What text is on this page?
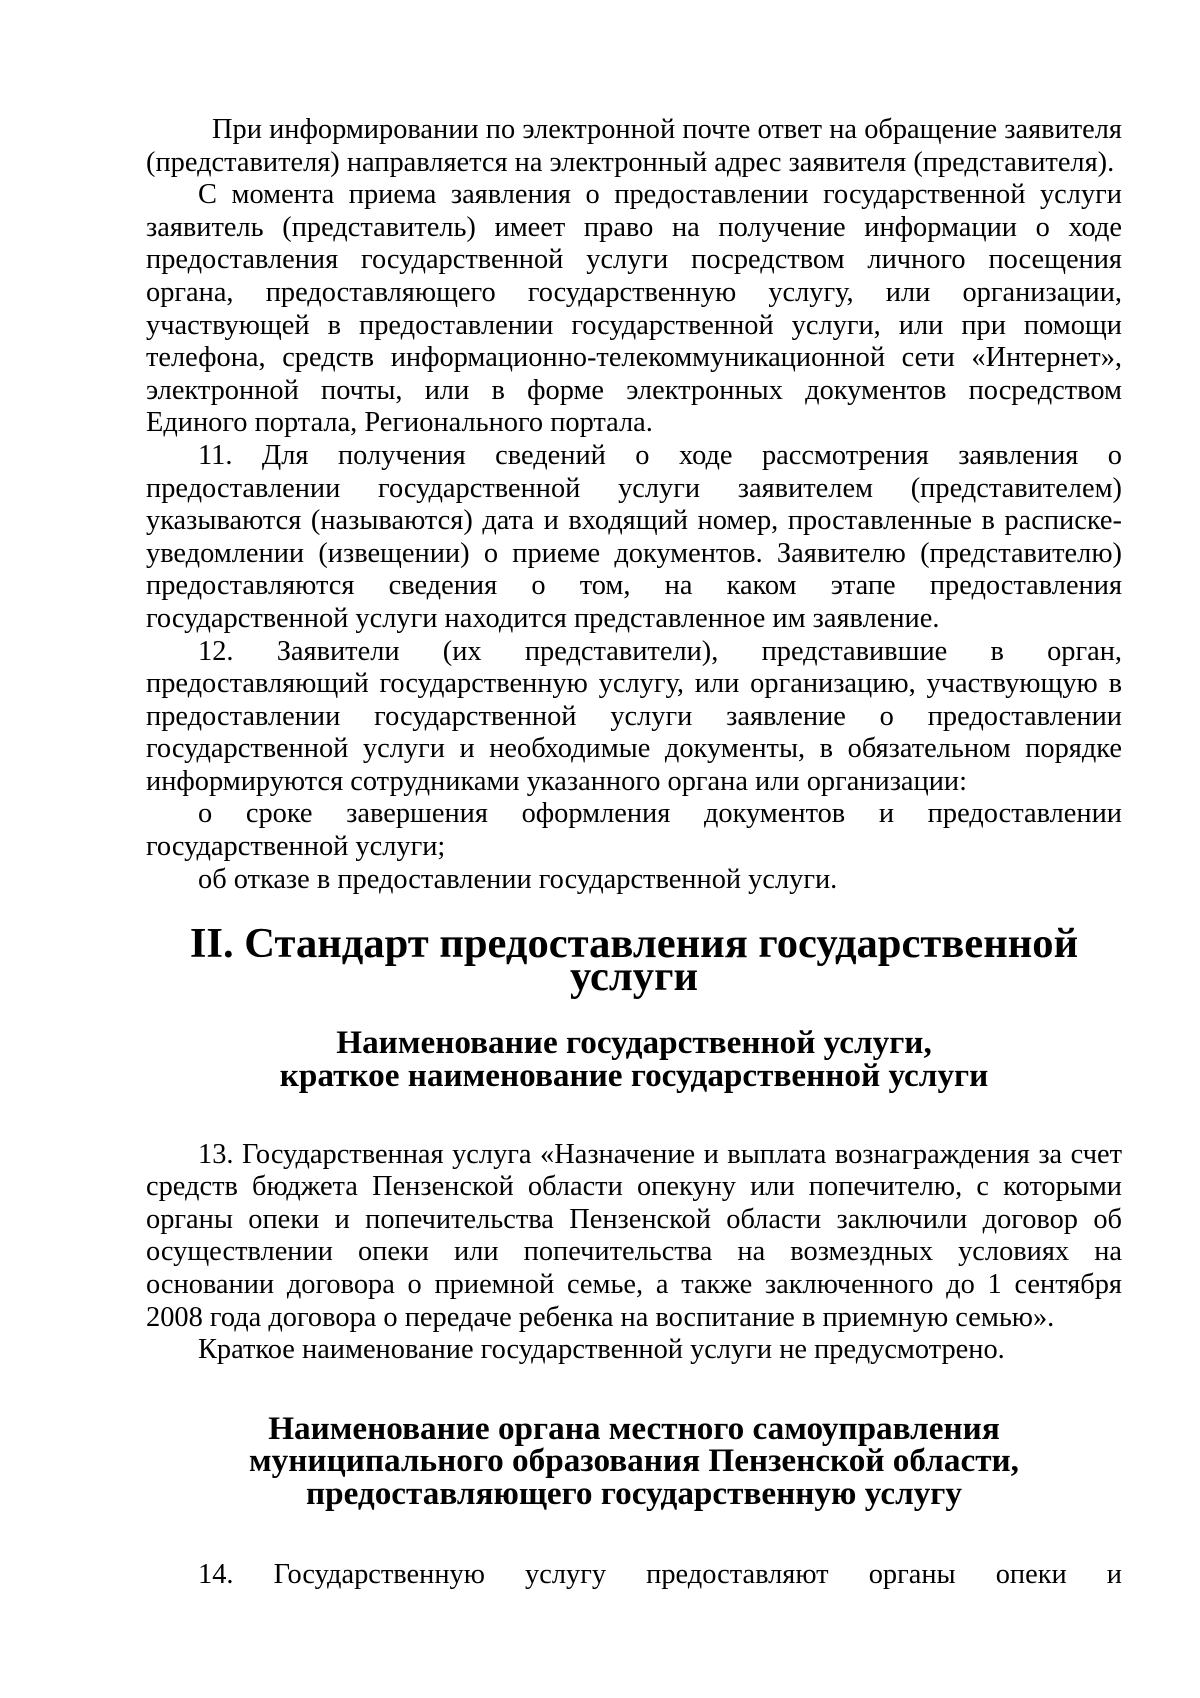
При информировании по электронной почте ответ на обращение заявителя (представителя) направляется на электронный адрес заявителя (представителя).

С момента приема заявления о предоставлении государственной услуги заявитель (представитель) имеет право на получение информации о ходе предоставления государственной услуги посредством личного посещения органа, предоставляющего государственную услугу, или организации, участвующей в предоставлении государственной услуги, или при помощи телефона, средств информационно-телекоммуникационной сети «Интернет», электронной почты, или в форме электронных документов посредством Единого портала, Регионального портала.

11. Для получения сведений о ходе рассмотрения заявления о предоставлении государственной услуги заявителем (представителем) указываются (называются) дата и входящий номер, проставленные в расписке-уведомлении (извещении) о приеме документов. Заявителю (представителю) предоставляются сведения о том, на каком этапе предоставления государственной услуги находится представленное им заявление.

12. Заявители (их представители), представившие в орган, предоставляющий государственную услугу, или организацию, участвующую в предоставлении государственной услуги заявление о предоставлении государственной услуги и необходимые документы, в обязательном порядке информируются сотрудниками указанного органа или организации:

о сроке завершения оформления документов и предоставлении государственной услуги;

об отказе в предоставлении государственной услуги.

II. Стандарт предоставления государственной услуги
Наименование государственной услуги,
краткое наименование государственной услуги

13. Государственная услуга «Назначение и выплата вознаграждения за счет средств бюджета Пензенской области опекуну или попечителю, с которыми органы опеки и попечительства Пензенской области заключили договор об осуществлении опеки или попечительства на возмездных условиях на основании договора о приемной семье, а также заключенного до 1 сентября 2008 года договора о передаче ребенка на воспитание в приемную семью».

Краткое наименование государственной услуги не предусмотрено.

Наименование органа местного самоуправления
муниципального образования Пензенской области,
предоставляющего государственную услугу

14. Государственную услугу предоставляют органы опеки и
